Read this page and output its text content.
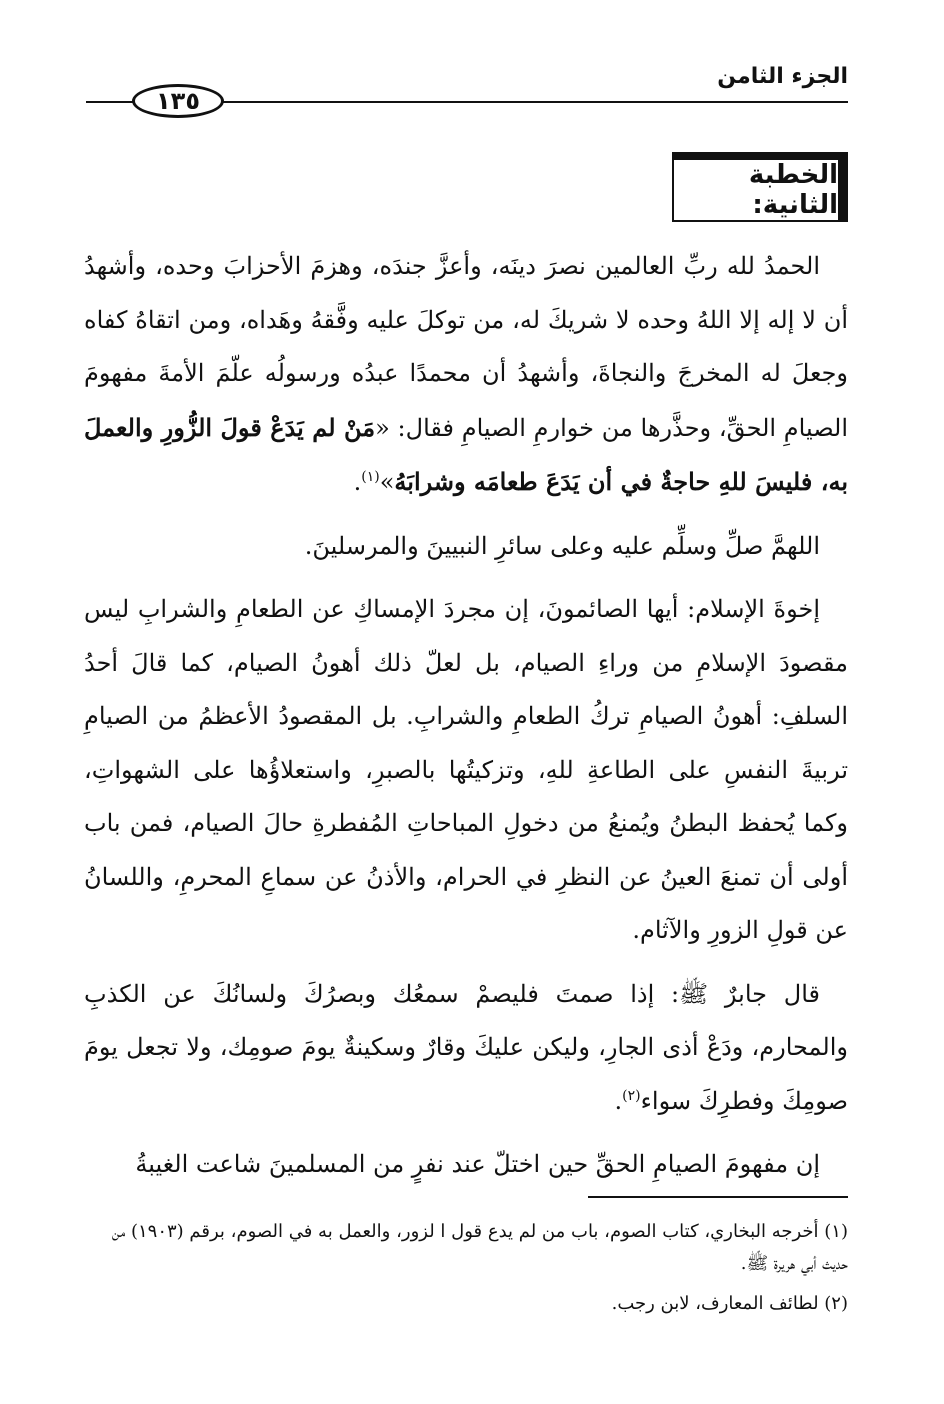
الجزء الثامن
١٣٥
الخطبة الثانية:

الحمدُ لله ربِّ العالمين نصرَ دينَه، وأعزَّ جندَه، وهزمَ الأحزابَ وحده، وأشهدُ أن لا إله إلا اللهُ وحده لا شريكَ له، من توكلَ عليه وفَّقهُ وهَداه، ومن اتقاهُ كفاه وجعلَ له المخرجَ والنجاةَ، وأشهدُ أن محمدًا عبدُه ورسولُه علّمَ الأمةَ مفهومَ الصيامِ الحقِّ، وحذَّرها من خوارمِ الصيامِ فقال: «مَنْ لم يَدَعْ قولَ الزُّورِ والعملَ به، فليسَ للهِ حاجةٌ في أن يَدَعَ طعامَه وشرابَهُ»$^{(١)}$.

اللهمَّ صلِّ وسلِّم عليه وعلى سائرِ النبيينَ والمرسلينَ.

إخوةَ الإسلام: أيها الصائمونَ، إن مجردَ الإمساكِ عن الطعامِ والشرابِ ليس مقصودَ الإسلامِ من وراءِ الصيام، بل لعلّ ذلك أهونُ الصيام، كما قالَ أحدُ السلفِ: أهونُ الصيامِ تركُ الطعامِ والشرابِ. بل المقصودُ الأعظمُ من الصيامِ تربيةَ النفسِ على الطاعةِ للهِ، وتزكيتُها بالصبرِ، واستعلاؤُها على الشهواتِ، وكما يُحفظ البطنُ ويُمنعُ من دخولِ المباحاتِ المُفطرةِ حالَ الصيام، فمن باب أولى أن تمنعَ العينُ عن النظرِ في الحرام، والأذنُ عن سماعِ المحرمِ، واللسانُ عن قولِ الزورِ والآثام.

قال جابرٌ ﷺ: إذا صمتَ فليصمْ سمعُك وبصرُكَ ولسانُكَ عن الكذبِ والمحارم، ودَعْ أذى الجارِ، وليكن عليكَ وقارٌ وسكينةٌ يومَ صومِك، ولا تجعل يومَ صومِكَ وفطرِكَ سواء$^{(٢)}$.

إن مفهومَ الصيامِ الحقِّ حين اختلّ عند نفرٍ من المسلمينَ شاعت الغيبةُ

(١) أخرجه البخاري، كتاب الصوم، باب من لم يدع قول ا لزور، والعمل به في الصوم، برقم (١٩٠٣) من حديث أبي هريرة ﷺ.

(٢) لطائف المعارف، لابن رجب.
